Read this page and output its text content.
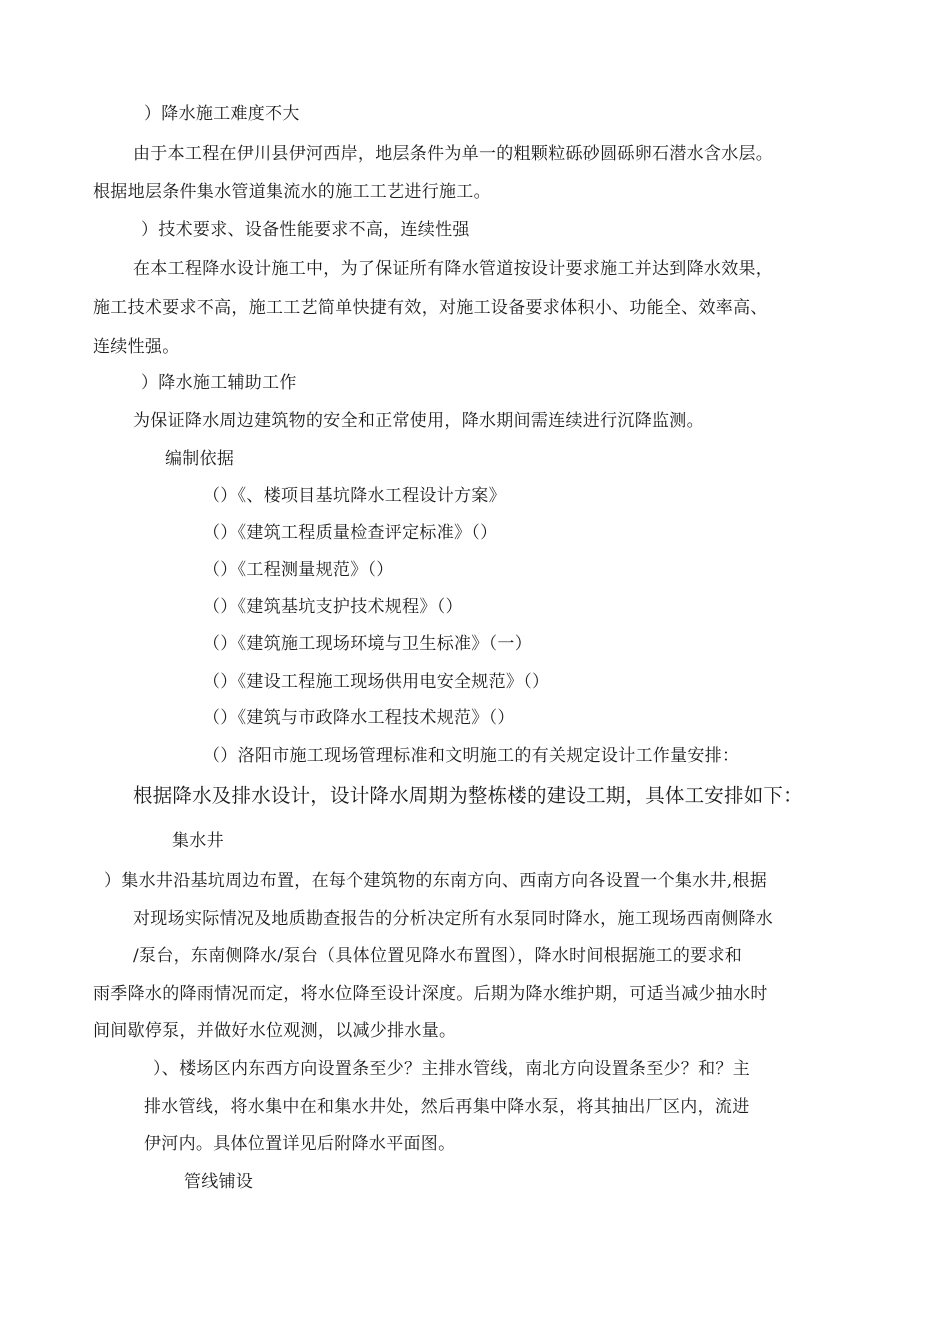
）降水施工难度不大
由于本工程在伊川县伊河西岸，地层条件为单一的粗颗粒砾砂圆砾卵石潜水含水层。
根据地层条件集水管道集流水的施工工艺进行施工。
）技术要求、设备性能要求不高，连续性强
在本工程降水设计施工中，为了保证所有降水管道按设计要求施工并达到降水效果，
施工技术要求不高，施工工艺简单快捷有效，对施工设备要求体积小、功能全、效率高、
连续性强。
）降水施工辅助工作
为保证降水周边建筑物的安全和正常使用，降水期间需连续进行沉降监测。
编制依据
（）《、楼项目基坑降水工程设计方案》
（）《建筑工程质量检查评定标准》（）
（）《工程测量规范》（）
（）《建筑基坑支护技术规程》（）
（）《建筑施工现场环境与卫生标准》（一）
（）《建设工程施工现场供用电安全规范》（）
（）《建筑与市政降水工程技术规范》（）
（）洛阳市施工现场管理标准和文明施工的有关规定设计工作量安排：
根据降水及排水设计，设计降水周期为整栋楼的建设工期，具体工安排如下：
集水井
）集水井沿基坑周边布置，在每个建筑物的东南方向、西南方向各设置一个集水井,根据
对现场实际情况及地质勘查报告的分析决定所有水泵同时降水，施工现场西南侧降水
/泵台，东南侧降水/泵台（具体位置见降水布置图），降水时间根据施工的要求和
雨季降水的降雨情况而定，将水位降至设计深度。后期为降水维护期，可适当减少抽水时
间间歇停泵，并做好水位观测，以减少排水量。
）、楼场区内东西方向设置条至少？主排水管线，南北方向设置条至少？和？主
排水管线，将水集中在和集水井处，然后再集中降水泵，将其抽出厂区内，流进
伊河内。具体位置详见后附降水平面图。
管线铺设
